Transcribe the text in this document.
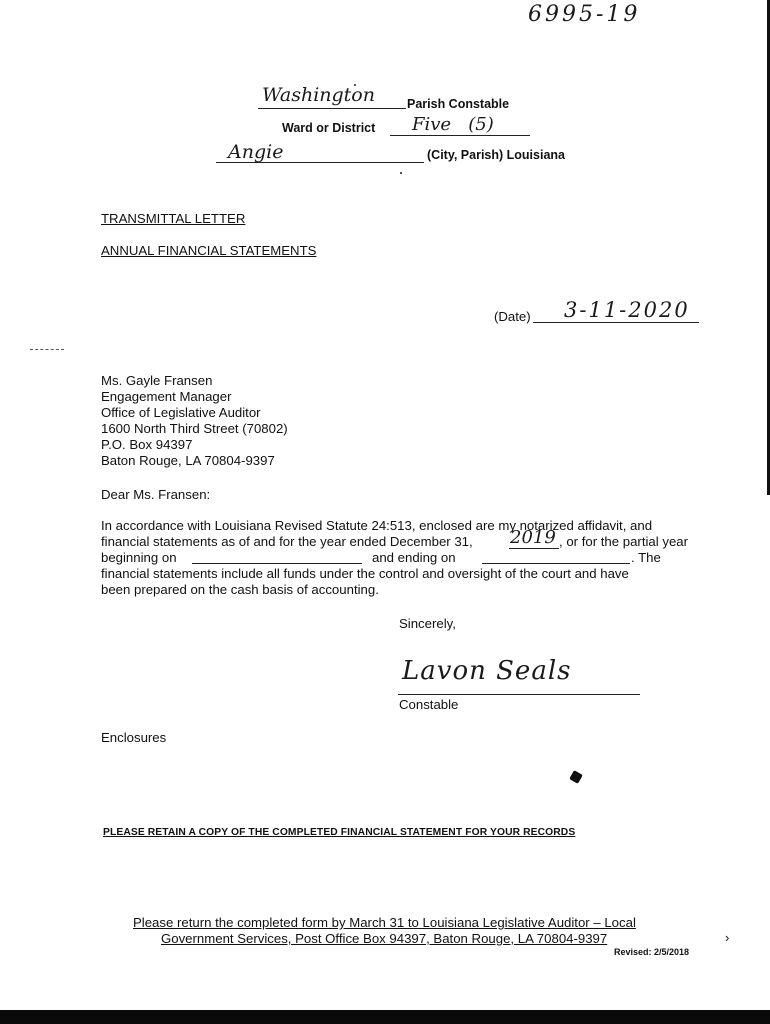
›
6995-19
Washington	Parish Constable
Ward or District Five   (5)
Angie	(City, Parish) Louisiana
TRANSMITTAL LETTER
ANNUAL FINANCIAL STATEMENTS
(Date) 3-11-2020
Ms. Gayle Fransen
Engagement Manager
Office of Legislative Auditor
1600 North Third Street (70802)
P.O. Box 94397
Baton Rouge, LA 70804-9397
Dear Ms. Fransen:
In accordance with Louisiana Revised Statute 24:513, enclosed are my notarized affidavit, and
financial statements as of and for the year ended December 31, 2019 , or for the partial year
beginning on	and ending on	. The
financial statements include all funds under the control and oversight of the court and have
been prepared on the cash basis of accounting.
Sincerely,
Lavon Seals
Constable
Enclosures
PLEASE RETAIN A COPY OF THE COMPLETED FINANCIAL STATEMENT FOR YOUR RECORDS
Please return the completed form by March 31 to Louisiana Legislative Auditor – Local
Government Services, Post Office Box 94397, Baton Rouge, LA 70804-9397
Revised: 2/5/2018
